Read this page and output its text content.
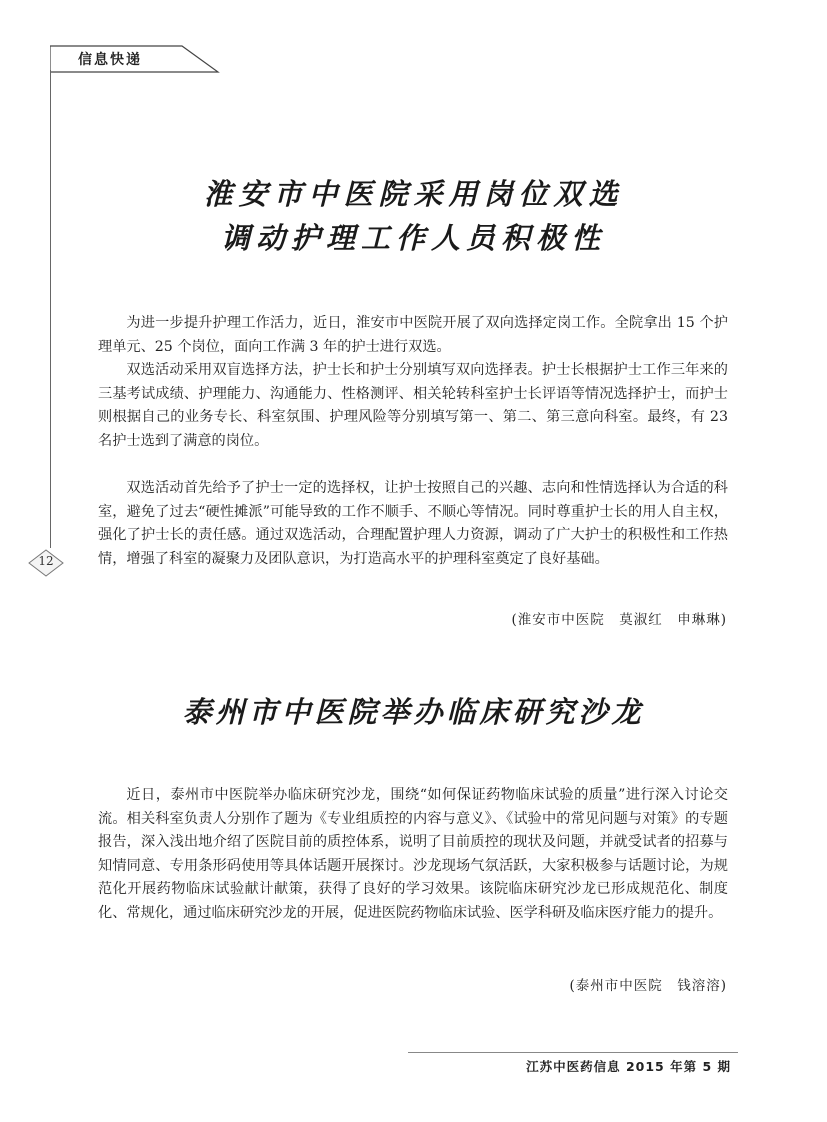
信息快递
12
淮安市中医院采用岗位双选
调动护理工作人员积极性

为进一步提升护理工作活力，近日，淮安市中医院开展了双向选择定岗工作。全院拿出 15 个护理单元、25 个岗位，面向工作满 3 年的护士进行双选。

双选活动采用双盲选择方法，护士长和护士分别填写双向选择表。护士长根据护士工作三年来的三基考试成绩、护理能力、沟通能力、性格测评、相关轮转科室护士长评语等情况选择护士，而护士则根据自己的业务专长、科室氛围、护理风险等分别填写第一、第二、第三意向科室。最终，有 23 名护士选到了满意的岗位。

双选活动首先给予了护士一定的选择权，让护士按照自己的兴趣、志向和性情选择认为合适的科室，避免了过去“硬性摊派”可能导致的工作不顺手、不顺心等情况。同时尊重护士长的用人自主权，强化了护士长的责任感。通过双选活动，合理配置护理人力资源，调动了广大护士的积极性和工作热情，增强了科室的凝聚力及团队意识，为打造高水平的护理科室奠定了良好基础。

(淮安市中医院　莫淑红　申琳琳)
泰州市中医院举办临床研究沙龙

近日，泰州市中医院举办临床研究沙龙，围绕“如何保证药物临床试验的质量”进行深入讨论交流。相关科室负责人分别作了题为《专业组质控的内容与意义》、《试验中的常见问题与对策》的专题报告，深入浅出地介绍了医院目前的质控体系，说明了目前质控的现状及问题，并就受试者的招募与知情同意、专用条形码使用等具体话题开展探讨。沙龙现场气氛活跃，大家积极参与话题讨论，为规范化开展药物临床试验献计献策，获得了良好的学习效果。该院临床研究沙龙已形成规范化、制度化、常规化，通过临床研究沙龙的开展，促进医院药物临床试验、医学科研及临床医疗能力的提升。

(泰州市中医院　钱溶溶)
江苏中医药信息 2015 年第 5 期
